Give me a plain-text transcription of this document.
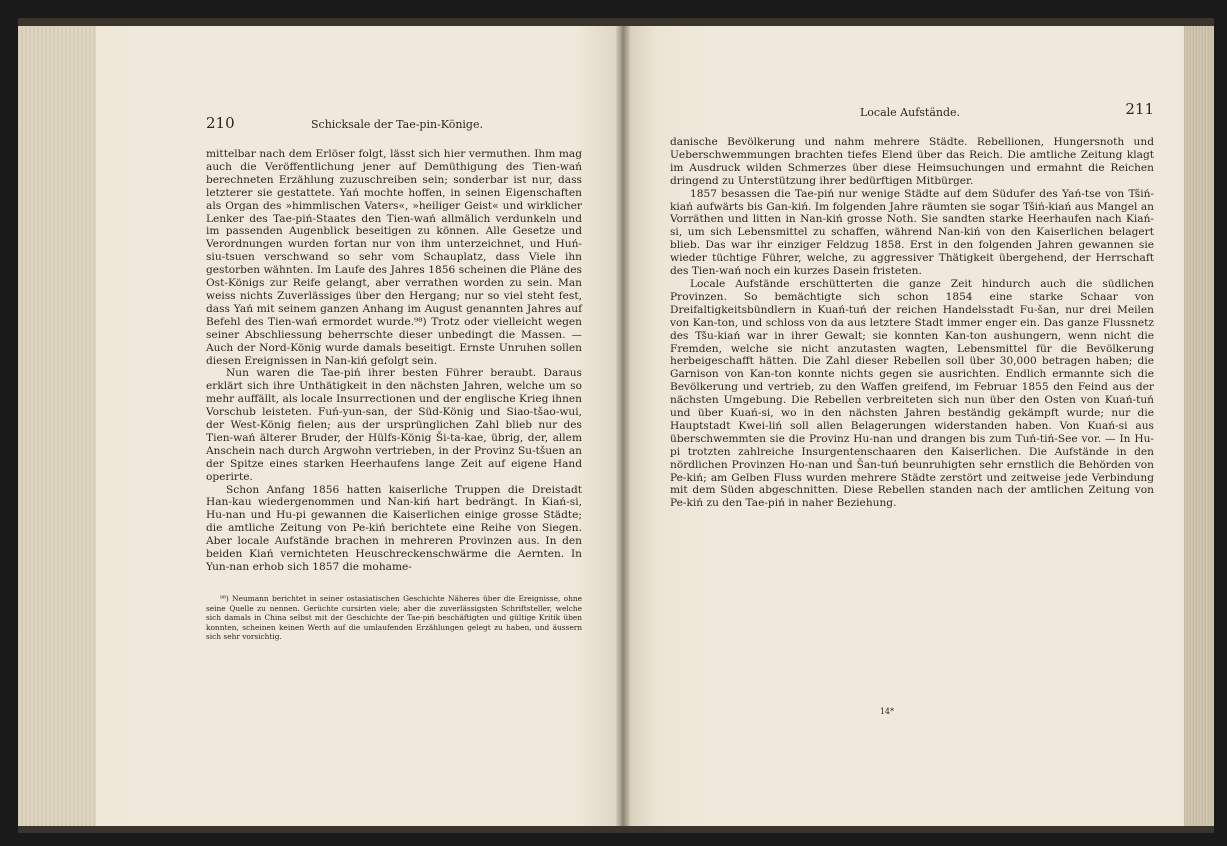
210	Schicksale der Tae-pin-Könige.

mittelbar nach dem Erlöser folgt, lässt sich hier vermuthen. Ihm mag auch die Veröffentlichung jener auf Demüthigung des Tien-wań berechneten Erzählung zuzuschreiben sein; sonderbar ist nur, dass letzterer sie gestattete. Yań mochte hoffen, in seinen Eigenschaften als Organ des »himmlischen Vaters«, »heiliger Geist« und wirklicher Lenker des Tae-piń-Staates den Tien-wań allmälich verdunkeln und im passenden Augenblick beseitigen zu können. Alle Gesetze und Verordnungen wurden fortan nur von ihm unterzeichnet, und Huń-siu-tsuen verschwand so sehr vom Schauplatz, dass Viele ihn gestorben wähnten. Im Laufe des Jahres 1856 scheinen die Pläne des Ost-Königs zur Reife gelangt, aber verrathen worden zu sein. Man weiss nichts Zuverlässiges über den Hergang; nur so viel steht fest, dass Yań mit seinem ganzen Anhang im August genannten Jahres auf Befehl des Tien-wań ermordet wurde.⁹⁸) Trotz oder vielleicht wegen seiner Abschliessung beherrschte dieser unbedingt die Massen. — Auch der Nord-König wurde damals beseitigt. Ernste Unruhen sollen diesen Ereignissen in Nan-kiń gefolgt sein.

Nun waren die Tae-piń ihrer besten Führer beraubt. Daraus erklärt sich ihre Unthätigkeit in den nächsten Jahren, welche um so mehr auffällt, als locale Insurrectionen und der englische Krieg ihnen Vorschub leisteten. Fuń-yun-san, der Süd-König und Siao-tšao-wui, der West-König fielen; aus der ursprünglichen Zahl blieb nur des Tien-wań älterer Bruder, der Hülfs-König Ši-ta-kae, übrig, der, allem Anschein nach durch Argwohn vertrieben, in der Provinz Su-tšuen an der Spitze eines starken Heerhaufens lange Zeit auf eigene Hand operirte.

Schon Anfang 1856 hatten kaiserliche Truppen die Dreistadt Han-kau wiedergenommen und Nan-kiń hart bedrängt. In Kiań-si, Hu-nan und Hu-pi gewannen die Kaiserlichen einige grosse Städte; die amtliche Zeitung von Pe-kiń berichtete eine Reihe von Siegen. Aber locale Aufstände brachen in mehreren Provinzen aus. In den beiden Kiań vernichteten Heuschreckenschwärme die Aernten. In Yun-nan erhob sich 1857 die mohame-

⁹⁸) Neumann berichtet in seiner ostasiatischen Geschichte Näheres über die Ereignisse, ohne seine Quelle zu nennen. Gerüchte cursirten viele; aber die zuverlässigsten Schriftsteller, welche sich damals in China selbst mit der Geschichte der Tae-piń beschäftigten und gültige Kritik üben konnten, scheinen keinen Werth auf die umlaufenden Erzählungen gelegt zu haben, und äussern sich sehr vorsichtig.

Locale Aufstände.	211

danische Bevölkerung und nahm mehrere Städte. Rebellionen, Hungersnoth und Ueberschwemmungen brachten tiefes Elend über das Reich. Die amtliche Zeitung klagt im Ausdruck wilden Schmerzes über diese Heimsuchungen und ermahnt die Reichen dringend zu Unterstützung ihrer bedürftigen Mitbürger.

1857 besassen die Tae-piń nur wenige Städte auf dem Südufer des Yań-tse von Tšiń-kiań aufwärts bis Gan-kiń. Im folgenden Jahre räumten sie sogar Tšiń-kiań aus Mangel an Vorräthen und litten in Nan-kiń grosse Noth. Sie sandten starke Heerhaufen nach Kiań-si, um sich Lebensmittel zu schaffen, während Nan-kiń von den Kaiserlichen belagert blieb. Das war ihr einziger Feldzug 1858. Erst in den folgenden Jahren gewannen sie wieder tüchtige Führer, welche, zu aggressiver Thätigkeit übergehend, der Herrschaft des Tien-wań noch ein kurzes Dasein fristeten.

Locale Aufstände erschütterten die ganze Zeit hindurch auch die südlichen Provinzen. So bemächtigte sich schon 1854 eine starke Schaar von Dreifaltigkeitsbündlern in Kuań-tuń der reichen Handelsstadt Fu-šan, nur drei Meilen von Kan-ton, und schloss von da aus letztere Stadt immer enger ein. Das ganze Flussnetz des Tšu-kiań war in ihrer Gewalt; sie konnten Kan-ton aushungern, wenn nicht die Fremden, welche sie nicht anzutasten wagten, Lebensmittel für die Bevölkerung herbeigeschafft hätten. Die Zahl dieser Rebellen soll über 30,000 betragen haben; die Garnison von Kan-ton konnte nichts gegen sie ausrichten. Endlich ermannte sich die Bevölkerung und vertrieb, zu den Waffen greifend, im Februar 1855 den Feind aus der nächsten Umgebung. Die Rebellen verbreiteten sich nun über den Osten von Kuań-tuń und über Kuań-si, wo in den nächsten Jahren beständig gekämpft wurde; nur die Hauptstadt Kwei-liń soll allen Belagerungen widerstanden haben. Von Kuań-si aus überschwemmten sie die Provinz Hu-nan und drangen bis zum Tuń-tiń-See vor. — In Hu-pi trotzten zahlreiche Insurgentenschaaren den Kaiserlichen. Die Aufstände in den nördlichen Provinzen Ho-nan und Šan-tuń beunruhigten sehr ernstlich die Behörden von Pe-kiń; am Gelben Fluss wurden mehrere Städte zerstört und zeitweise jede Verbindung mit dem Süden abgeschnitten. Diese Rebellen standen nach der amtlichen Zeitung von Pe-kiń zu den Tae-piń in naher Beziehung.

14*
